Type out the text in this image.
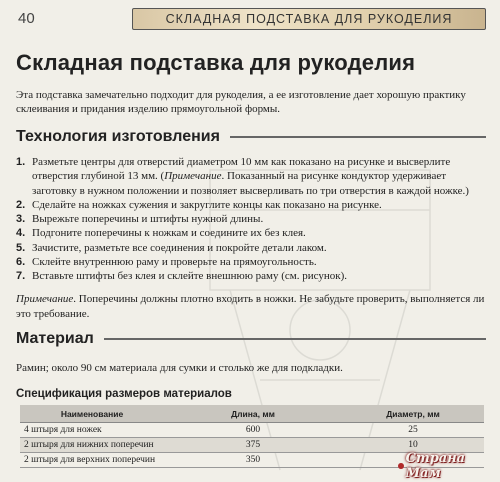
40	СКЛАДНАЯ ПОДСТАВКА ДЛЯ РУКОДЕЛИЯ
Складная подставка для рукоделия

Эта подставка замечательно подходит для рукоделия, а ее изготовление дает хорошую практику склеивания и придания изделию прямоугольной формы.

Технология изготовления
1. Разметьте центры для отверстий диаметром 10 мм как показано на рисунке и высверлите отверстия глубиной 13 мм. (Примечание. Показанный на рисунке кондуктор удерживает заготовку в нужном положении и позволяет высверливать по три отверстия в каждой ножке.)
2. Сделайте на ножках сужения и закруглите концы как показано на рисунке.
3. Вырежьте поперечины и штифты нужной длины.
4. Подгоните поперечины к ножкам и соедините их без клея.
5. Зачистите, разметьте все соединения и покройте детали лаком.
6. Склейте внутреннюю раму и проверьте на прямоугольность.
7. Вставьте штифты без клея и склейте внешнюю раму (см. рисунок).

Примечание. Поперечины должны плотно входить в ножки. Не забудьте проверить, выполняется ли это требование.

Материал

Рамин; около 90 см материала для сумки и столько же для подкладки.

Спецификация размеров материалов
Наименование	Длина, мм	Диаметр, мм
4 штыря для ножек	600	25
2 штыря для нижних поперечин	375	10
2 штыря для верхних поперечин	350		Страна Мам
